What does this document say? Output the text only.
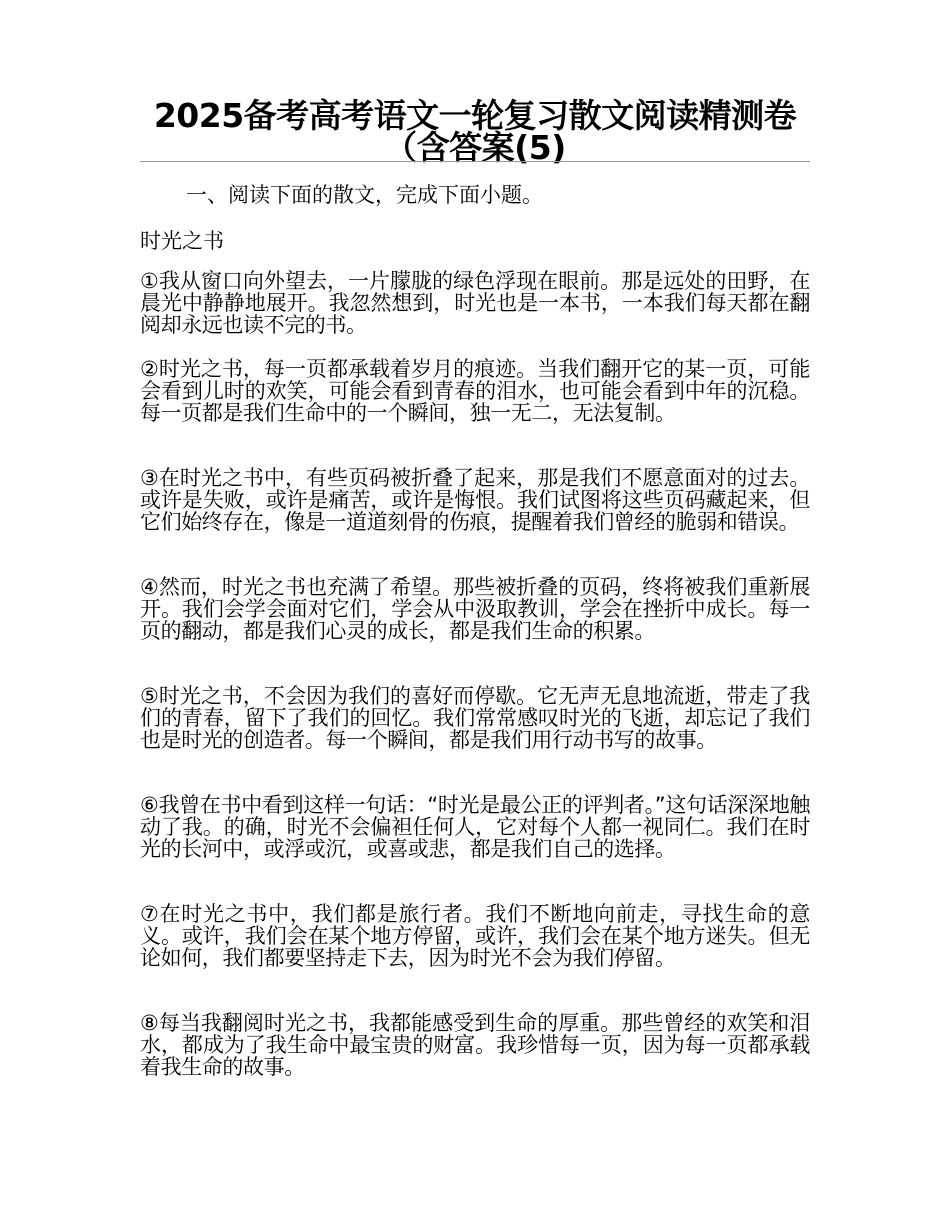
2025备考高考语文一轮复习散文阅读精测卷（含答案(5)

一、阅读下面的散文，完成下面小题。

时光之书

①我从窗口向外望去，一片朦胧的绿色浮现在眼前。那是远处的田野，在晨光中静静地展开。我忽然想到，时光也是一本书，一本我们每天都在翻阅却永远也读不完的书。

②时光之书，每一页都承载着岁月的痕迹。当我们翻开它的某一页，可能会看到儿时的欢笑，可能会看到青春的泪水，也可能会看到中年的沉稳。每一页都是我们生命中的一个瞬间，独一无二，无法复制。

③在时光之书中，有些页码被折叠了起来，那是我们不愿意面对的过去。或许是失败，或许是痛苦，或许是悔恨。我们试图将这些页码藏起来，但它们始终存在，像是一道道刻骨的伤痕，提醒着我们曾经的脆弱和错误。

④然而，时光之书也充满了希望。那些被折叠的页码，终将被我们重新展开。我们会学会面对它们，学会从中汲取教训，学会在挫折中成长。每一页的翻动，都是我们心灵的成长，都是我们生命的积累。

⑤时光之书，不会因为我们的喜好而停歇。它无声无息地流逝，带走了我们的青春，留下了我们的回忆。我们常常感叹时光的飞逝，却忘记了我们也是时光的创造者。每一个瞬间，都是我们用行动书写的故事。

⑥我曾在书中看到这样一句话：“时光是最公正的评判者。”这句话深深地触动了我。的确，时光不会偏袒任何人，它对每个人都一视同仁。我们在时光的长河中，或浮或沉，或喜或悲，都是我们自己的选择。

⑦在时光之书中，我们都是旅行者。我们不断地向前走，寻找生命的意义。或许，我们会在某个地方停留，或许，我们会在某个地方迷失。但无论如何，我们都要坚持走下去，因为时光不会为我们停留。

⑧每当我翻阅时光之书，我都能感受到生命的厚重。那些曾经的欢笑和泪水，都成为了我生命中最宝贵的财富。我珍惜每一页，因为每一页都承载着我生命的故事。
